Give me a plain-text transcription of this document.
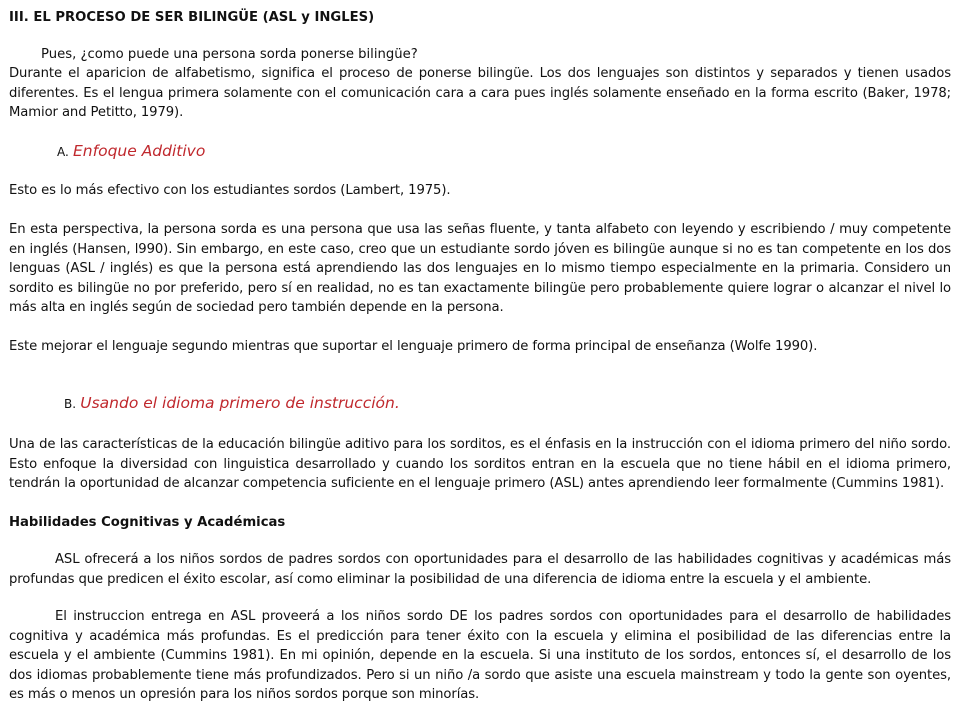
III. EL PROCESO DE SER BILINGÜE (ASL y INGLES)
Pues, ¿como puede una persona sorda ponerse bilingüe?
Durante el aparicion de alfabetismo, significa el proceso de ponerse bilingüe. Los dos lenguajes son distintos y separados y tienen usados diferentes. Es el lengua primera solamente con el comunicación cara a cara pues inglés solamente enseñado en la forma escrito (Baker, 1978; Mamior and Petitto, 1979).
A. Enfoque Additivo
Esto es lo más efectivo con los estudiantes sordos (Lambert, 1975).
En esta perspectiva, la persona sorda es una persona que usa las señas fluente, y tanta alfabeto con leyendo y escribiendo / muy competente en inglés (Hansen, l990). Sin embargo, en este caso, creo que un estudiante sordo jóven es bilingüe aunque si no es tan competente en los dos lenguas (ASL / inglés) es que la persona está aprendiendo las dos lenguajes en lo mismo tiempo especialmente en la primaria. Considero un sordito es bilingüe no por preferido, pero sí en realidad, no es tan exactamente bilingüe pero probablemente quiere lograr o alcanzar el nivel lo más alta en inglés según de sociedad pero también depende en la persona.
Este mejorar el lenguaje segundo mientras que suportar el lenguaje primero de forma principal de enseñanza (Wolfe 1990).
B. Usando el idioma primero de instrucción.
Una de las características de la educación bilingüe aditivo para los sorditos, es el énfasis en la instrucción con el idioma primero del niño sordo. Esto enfoque la diversidad con linguistica desarrollado y cuando los sorditos entran en la escuela que no tiene hábil en el idioma primero, tendrán la oportunidad de alcanzar competencia suficiente en el lenguaje primero (ASL) antes aprendiendo leer formalmente (Cummins 1981).
Habilidades Cognitivas y Académicas
ASL ofrecerá a los niños sordos de padres sordos con oportunidades para el desarrollo de las habilidades cognitivas y académicas más profundas que predicen el éxito escolar, así como eliminar la posibilidad de una diferencia de idioma entre la escuela y el ambiente.
El instruccion entrega en ASL proveerá a los niños sordo DE los padres sordos con oportunidades para el desarrollo de habilidades cognitiva y académica más profundas. Es el predicción para tener éxito con la escuela y elimina el posibilidad de las diferencias entre la escuela y el ambiente (Cummins 1981). En mi opinión, depende en la escuela. Si una instituto de los sordos, entonces sí, el desarrollo de los dos idiomas probablemente tiene más profundizados. Pero si un niño /a sordo que asiste una escuela mainstream y todo la gente son oyentes, es más o menos un opresión para los niños sordos porque son minorías.
